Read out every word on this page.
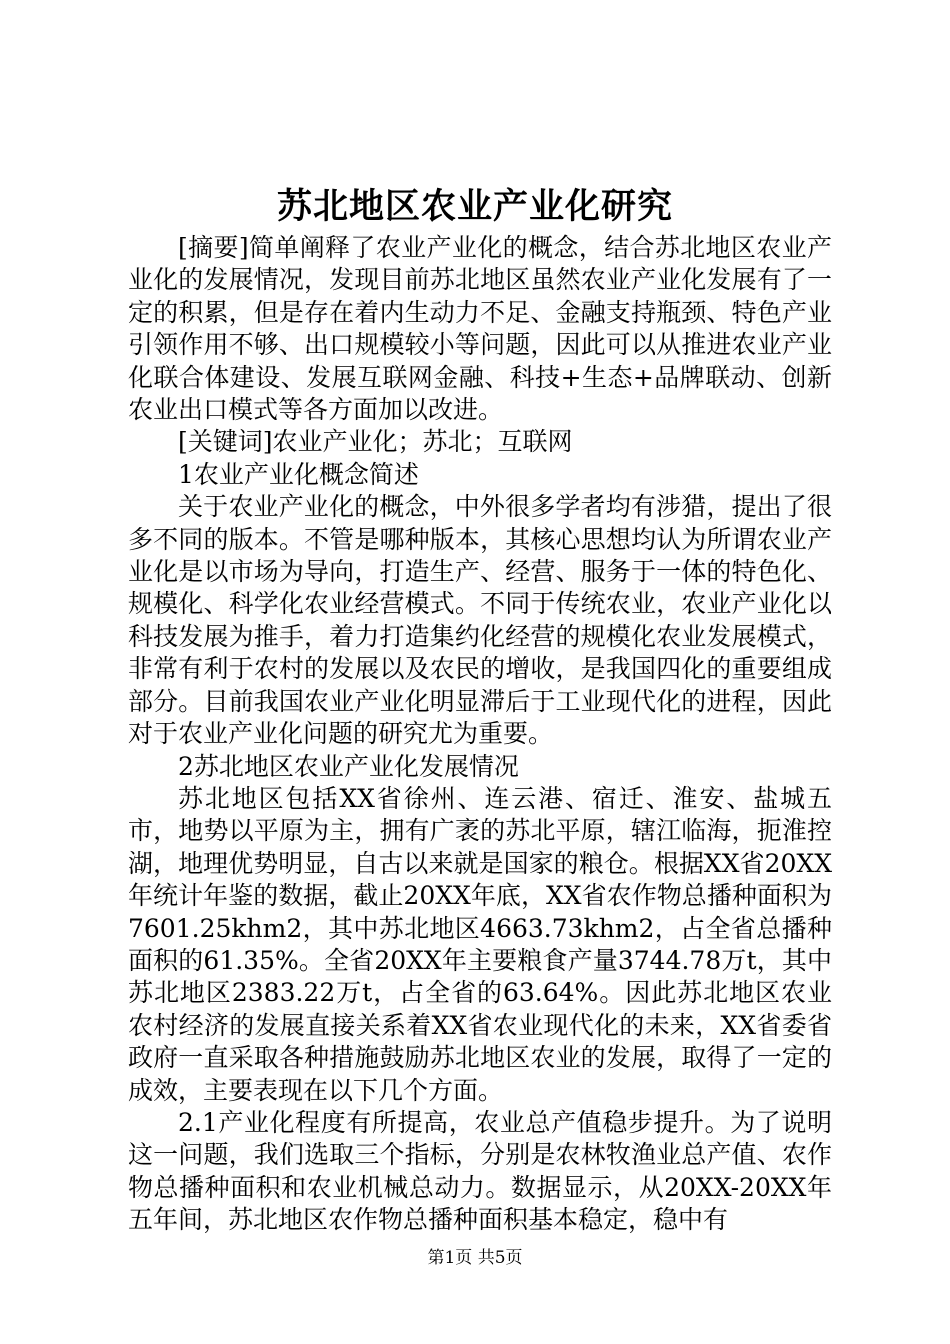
苏北地区农业产业化研究

[摘要]简单阐释了农业产业化的概念，结合苏北地区农业产业化的发展情况，发现目前苏北地区虽然农业产业化发展有了一定的积累，但是存在着内生动力不足、金融支持瓶颈、特色产业引领作用不够、出口规模较小等问题，因此可以从推进农业产业化联合体建设、发展互联网金融、科技+生态+品牌联动、创新农业出口模式等各方面加以改进。

[关键词]农业产业化；苏北；互联网

1农业产业化概念简述

关于农业产业化的概念，中外很多学者均有涉猎，提出了很多不同的版本。不管是哪种版本，其核心思想均认为所谓农业产业化是以市场为导向，打造生产、经营、服务于一体的特色化、规模化、科学化农业经营模式。不同于传统农业，农业产业化以科技发展为推手，着力打造集约化经营的规模化农业发展模式，非常有利于农村的发展以及农民的增收，是我国四化的重要组成部分。目前我国农业产业化明显滞后于工业现代化的进程，因此对于农业产业化问题的研究尤为重要。

2苏北地区农业产业化发展情况

苏北地区包括XX省徐州、连云港、宿迁、淮安、盐城五市，地势以平原为主，拥有广袤的苏北平原，辖江临海，扼淮控湖，地理优势明显，自古以来就是国家的粮仓。根据XX省20XX年统计年鉴的数据，截止20XX年底，XX省农作物总播种面积为7601.25khm2，其中苏北地区4663.73khm2，占全省总播种面积的61.35%。全省20XX年主要粮食产量3744.78万t，其中苏北地区2383.22万t，占全省的63.64%。因此苏北地区农业农村经济的发展直接关系着XX省农业现代化的未来，XX省委省政府一直采取各种措施鼓励苏北地区农业的发展，取得了一定的成效，主要表现在以下几个方面。

2.1产业化程度有所提高，农业总产值稳步提升。为了说明这一问题，我们选取三个指标，分别是农林牧渔业总产值、农作物总播种面积和农业机械总动力。数据显示，从20XX-20XX年五年间，苏北地区农作物总播种面积基本稳定，稳中有

第1页 共5页
